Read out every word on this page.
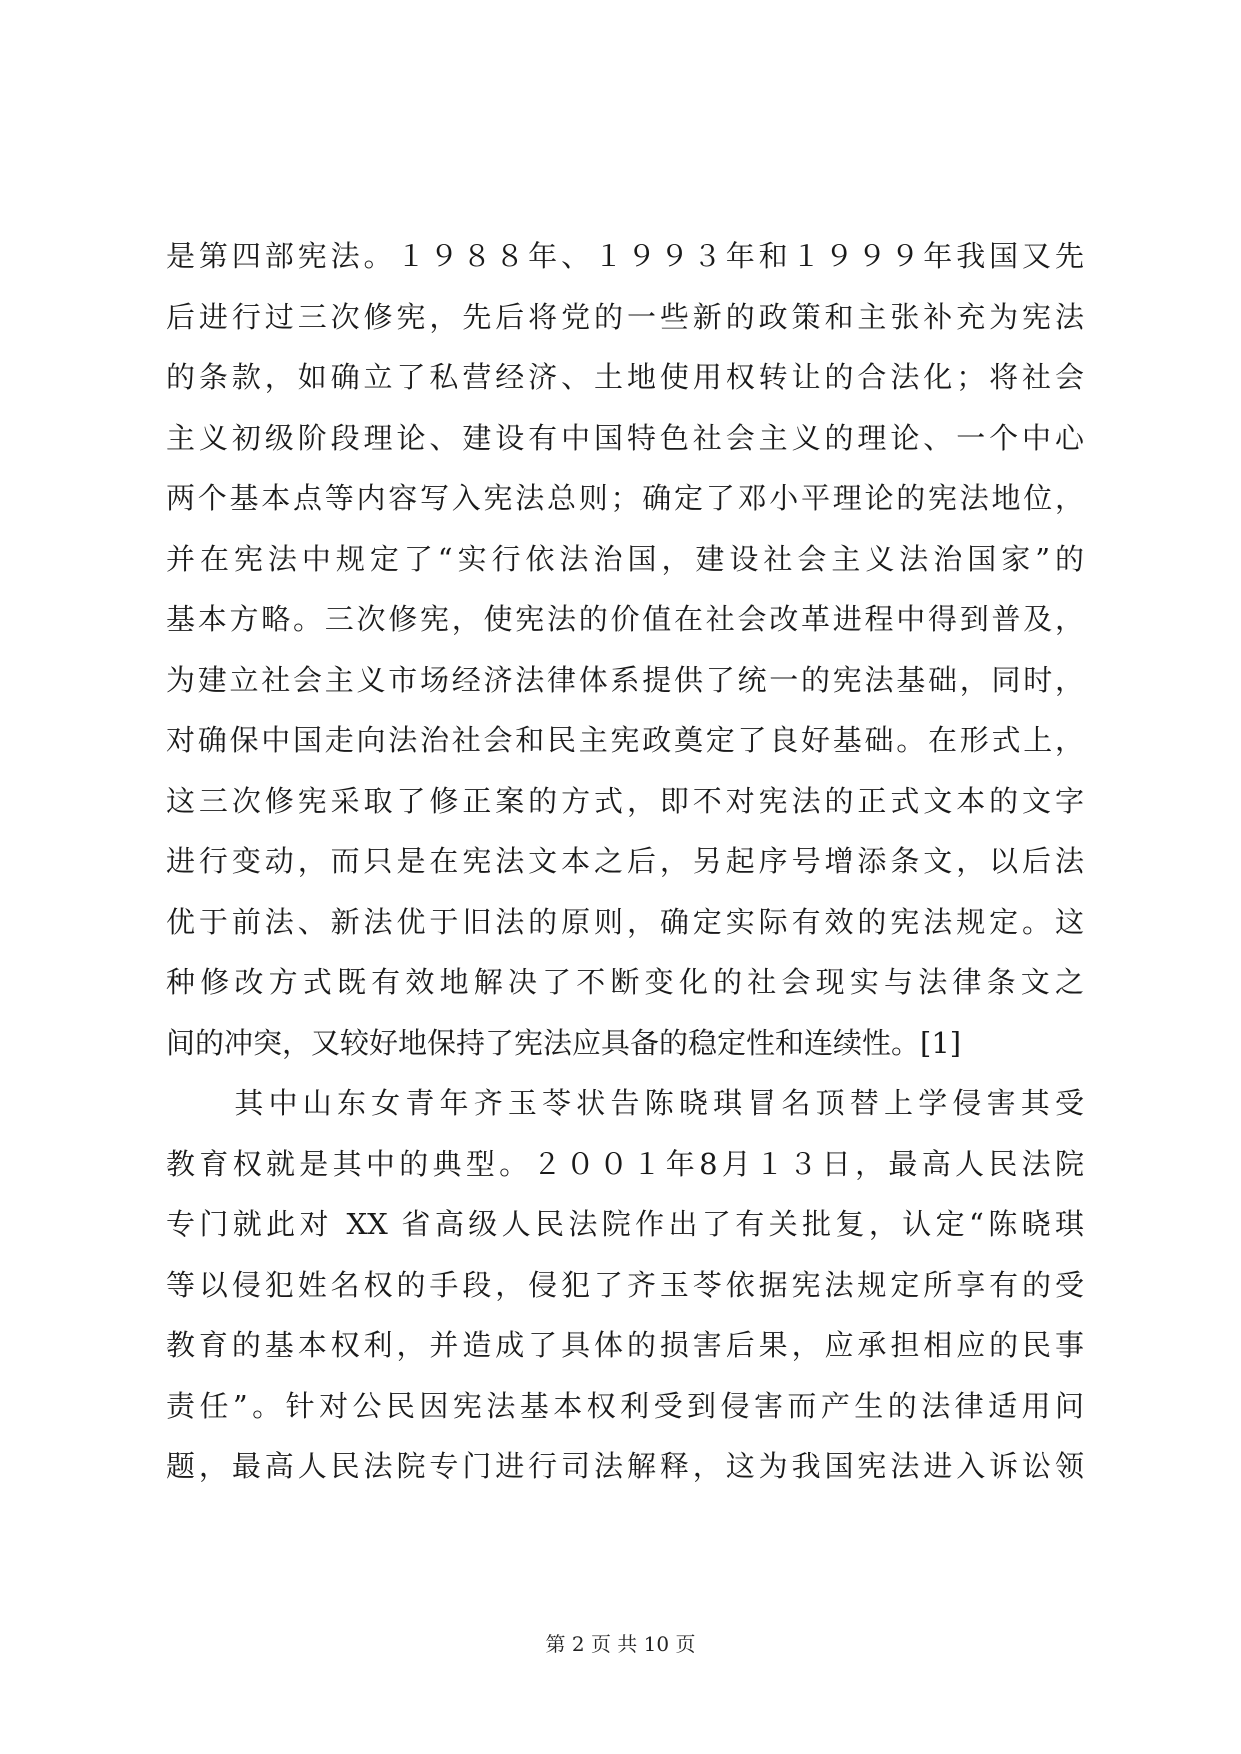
是第四部宪法。１９８８年、１９９３年和１９９９年我国又先
后进行过三次修宪，先后将党的一些新的政策和主张补充为宪法
的条款，如确立了私营经济、土地使用权转让的合法化；将社会
主义初级阶段理论、建设有中国特色社会主义的理论、一个中心
两个基本点等内容写入宪法总则；确定了邓小平理论的宪法地位，
并在宪法中规定了“实行依法治国，建设社会主义法治国家”的
基本方略。三次修宪，使宪法的价值在社会改革进程中得到普及，
为建立社会主义市场经济法律体系提供了统一的宪法基础，同时，
对确保中国走向法治社会和民主宪政奠定了良好基础。在形式上，
这三次修宪采取了修正案的方式，即不对宪法的正式文本的文字
进行变动，而只是在宪法文本之后，另起序号增添条文，以后法
优于前法、新法优于旧法的原则，确定实际有效的宪法规定。这
种修改方式既有效地解决了不断变化的社会现实与法律条文之
间的冲突，又较好地保持了宪法应具备的稳定性和连续性。[1]
　　其中山东女青年齐玉苓状告陈晓琪冒名顶替上学侵害其受
教育权就是其中的典型。２００１年8月１３日，最高人民法院
专门就此对 XX 省高级人民法院作出了有关批复，认定“陈晓琪
等以侵犯姓名权的手段，侵犯了齐玉苓依据宪法规定所享有的受
教育的基本权利，并造成了具体的损害后果，应承担相应的民事
责任”。针对公民因宪法基本权利受到侵害而产生的法律适用问
题，最高人民法院专门进行司法解释，这为我国宪法进入诉讼领
第 2 页 共 10 页
